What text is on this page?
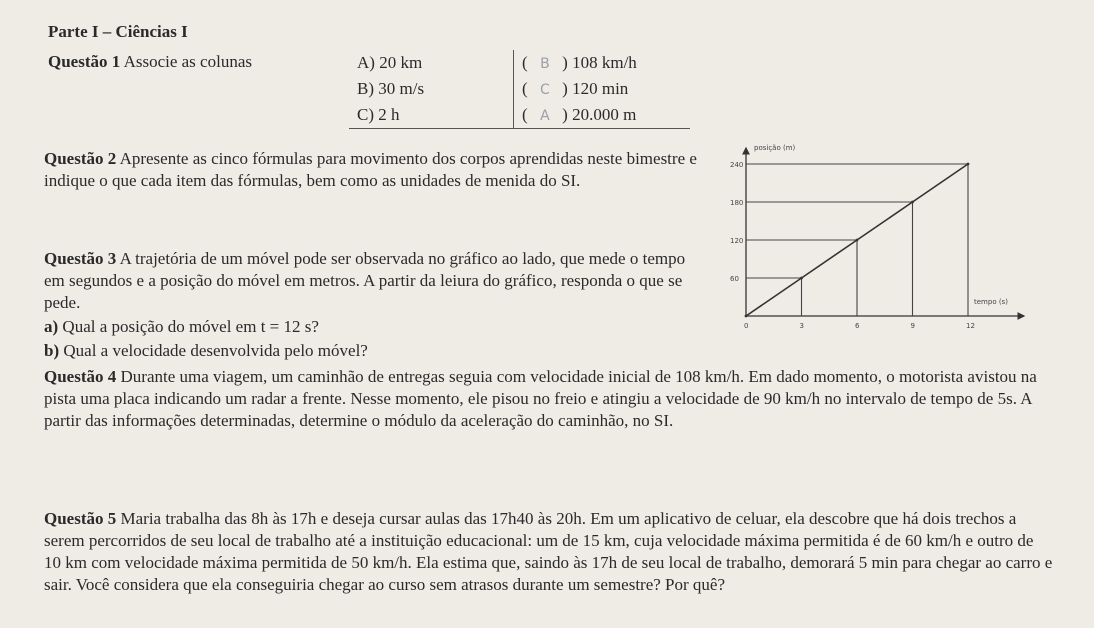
Parte I – Ciências I
Questão 1 Associe as colunas	A) 20 km	( B ) 108 km/h
B) 30 m/s	( C ) 120 min
C) 2 h	( A ) 20.000 m
Questão 2 Apresente as cinco fórmulas para movimento dos corpos aprendidas neste bimestre e indique o que cada item das fórmulas, bem como as unidades de menida do SI.
Questão 3 A trajetória de um móvel pode ser observada no gráfico ao lado, que mede o tempo em segundos e a posição do móvel em metros. A partir da leiura do gráfico, responda o que se pede.
a) Qual a posição do móvel em t = 12 s?
b) Qual a velocidade desenvolvida pelo móvel?
posição (m)
tempo (s)
0	3	6	9	12
60
120
180
240
Questão 4 Durante uma viagem, um caminhão de entregas seguia com velocidade inicial de 108 km/h. Em dado momento, o motorista avistou na pista uma placa indicando um radar a frente. Nesse momento, ele pisou no freio e atingiu a velocidade de 90 km/h no intervalo de tempo de 5s. A partir das informações determinadas, determine o módulo da aceleração do caminhão, no SI.
Questão 5 Maria trabalha das 8h às 17h e deseja cursar aulas das 17h40 às 20h. Em um aplicativo de celuar, ela descobre que há dois trechos a serem percorridos de seu local de trabalho até a instituição educacional: um de 15 km, cuja velocidade máxima permitida é de 60 km/h e outro de 10 km com velocidade máxima permitida de 50 km/h. Ela estima que, saindo às 17h de seu local de trabalho, demorará 5 min para chegar ao carro e sair. Você considera que ela conseguiria chegar ao curso sem atrasos durante um semestre? Por quê?
